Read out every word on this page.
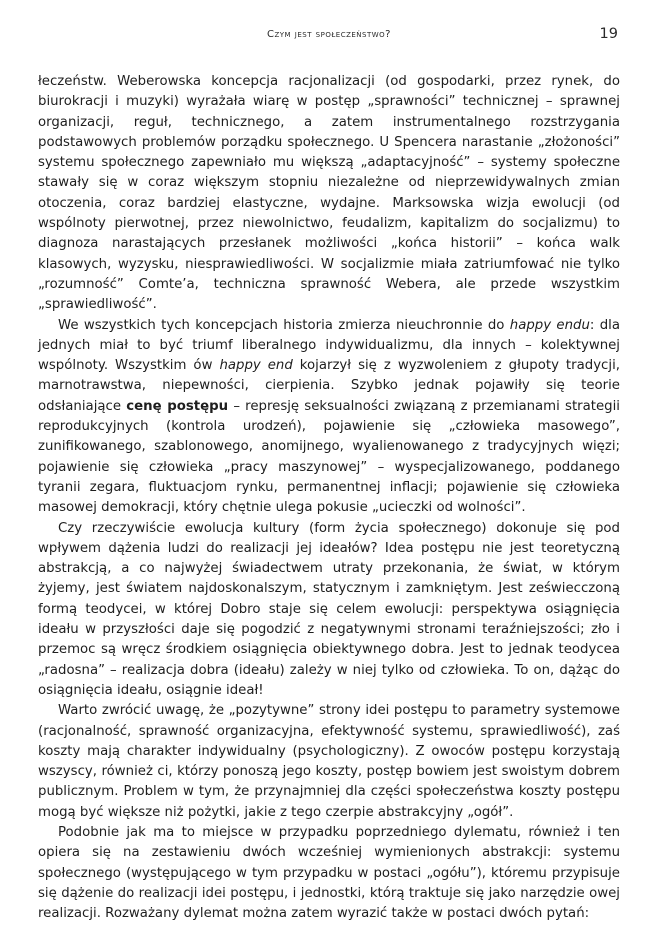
Czym jest społeczeństwo?	19

łeczeństw. Weberowska koncepcja racjonalizacji (od gospodarki, przez rynek, do biurokracji i muzyki) wyrażała wiarę w postęp „sprawności” technicznej – sprawnej organizacji, reguł, technicznego, a zatem instrumentalnego rozstrzygania podstawowych problemów porządku społecznego. U Spencera narastanie „złożoności” systemu społecznego zapewniało mu większą „adaptacyjność” – systemy społeczne stawały się w coraz większym stopniu niezależne od nieprzewidywalnych zmian otoczenia, coraz bardziej elastyczne, wydajne. Marksowska wizja ewolucji (od wspólnoty pierwotnej, przez niewolnictwo, feudalizm, kapitalizm do socjalizmu) to diagnoza narastających przesłanek możliwości „końca historii” – końca walk klasowych, wyzysku, niesprawiedliwości. W socjalizmie miała zatriumfować nie tylko „rozumność” Comte’a, techniczna sprawność Webera, ale przede wszystkim „sprawiedliwość”.

We wszystkich tych koncepcjach historia zmierza nieuchronnie do happy endu: dla jednych miał to być triumf liberalnego indywidualizmu, dla innych – kolektywnej wspólnoty. Wszystkim ów happy end kojarzył się z wyzwoleniem z głupoty tradycji, marnotrawstwa, niepewności, cierpienia. Szybko jednak pojawiły się teorie odsłaniające cenę postępu – represję seksualności związaną z przemianami strategii reprodukcyjnych (kontrola urodzeń), pojawienie się „człowieka masowego”, zunifikowanego, szablonowego, anomijnego, wyalienowanego z tradycyjnych więzi; pojawienie się człowieka „pracy maszynowej” – wyspecjalizowanego, poddanego tyranii zegara, fluktuacjom rynku, permanentnej inflacji; pojawienie się człowieka masowej demokracji, który chętnie ulega pokusie „ucieczki od wolności”.

Czy rzeczywiście ewolucja kultury (form życia społecznego) dokonuje się pod wpływem dążenia ludzi do realizacji jej ideałów? Idea postępu nie jest teoretyczną abstrakcją, a co najwyżej świadectwem utraty przekonania, że świat, w którym żyjemy, jest światem najdoskonalszym, statycznym i zamkniętym. Jest zeświecczoną formą teodycei, w której Dobro staje się celem ewolucji: perspektywa osiągnięcia ideału w przyszłości daje się pogodzić z negatywnymi stronami teraźniejszości; zło i przemoc są wręcz środkiem osiągnięcia obiektywnego dobra. Jest to jednak teodycea „radosna” – realizacja dobra (ideału) zależy w niej tylko od człowieka. To on, dążąc do osiągnięcia ideału, osiągnie ideał!

Warto zwrócić uwagę, że „pozytywne” strony idei postępu to parametry systemowe (racjonalność, sprawność organizacyjna, efektywność systemu, sprawiedliwość), zaś koszty mają charakter indywidualny (psychologiczny). Z owoców postępu korzystają wszyscy, również ci, którzy ponoszą jego koszty, postęp bowiem jest swoistym dobrem publicznym. Problem w tym, że przynajmniej dla części społeczeństwa koszty postępu mogą być większe niż pożytki, jakie z tego czerpie abstrakcyjny „ogół”.

Podobnie jak ma to miejsce w przypadku poprzedniego dylematu, również i ten opiera się na zestawieniu dwóch wcześniej wymienionych abstrakcji: systemu społecznego (występującego w tym przypadku w postaci „ogółu”), któremu przypisuje się dążenie do realizacji idei postępu, i jednostki, którą traktuje się jako narzędzie owej realizacji. Rozważany dylemat można zatem wyrazić także w postaci dwóch pytań:
